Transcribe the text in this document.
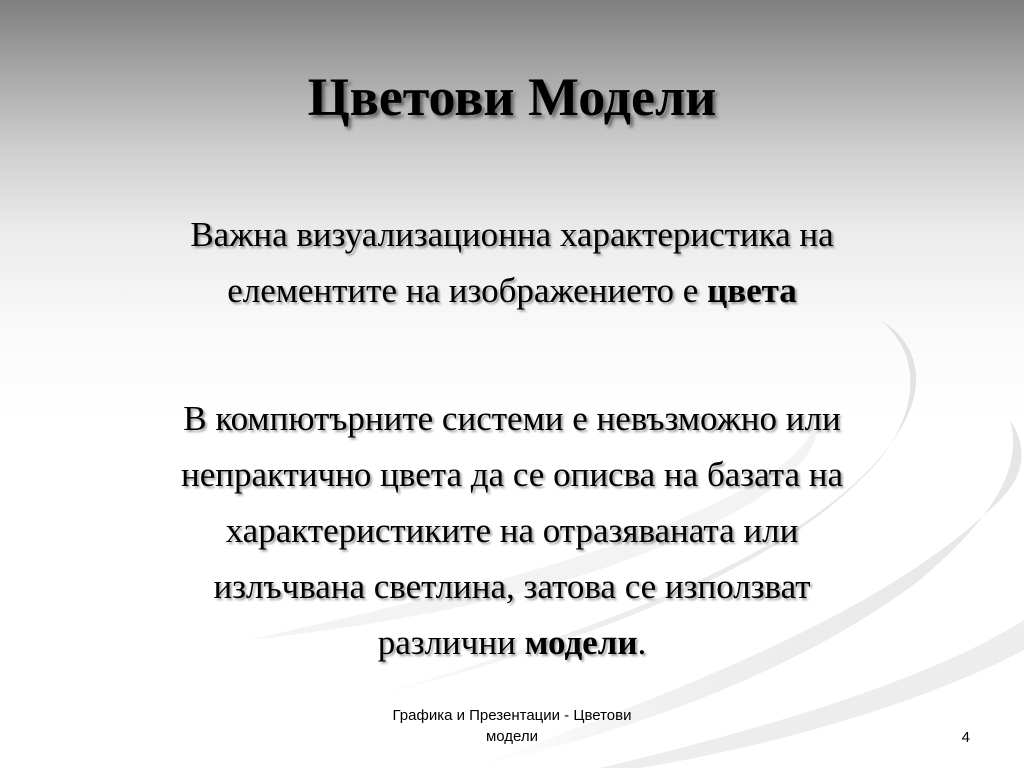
Цветови Модели
Важна визуализационна характеристика на
елементите на изображението е цвета
В компютърните системи е невъзможно или
непрактично цвета да се описва на базата на
характеристиките на отразяваната или
излъчвана светлина, затова се използват
различни модели.
Графика и Презентации - Цветови
модели	4
